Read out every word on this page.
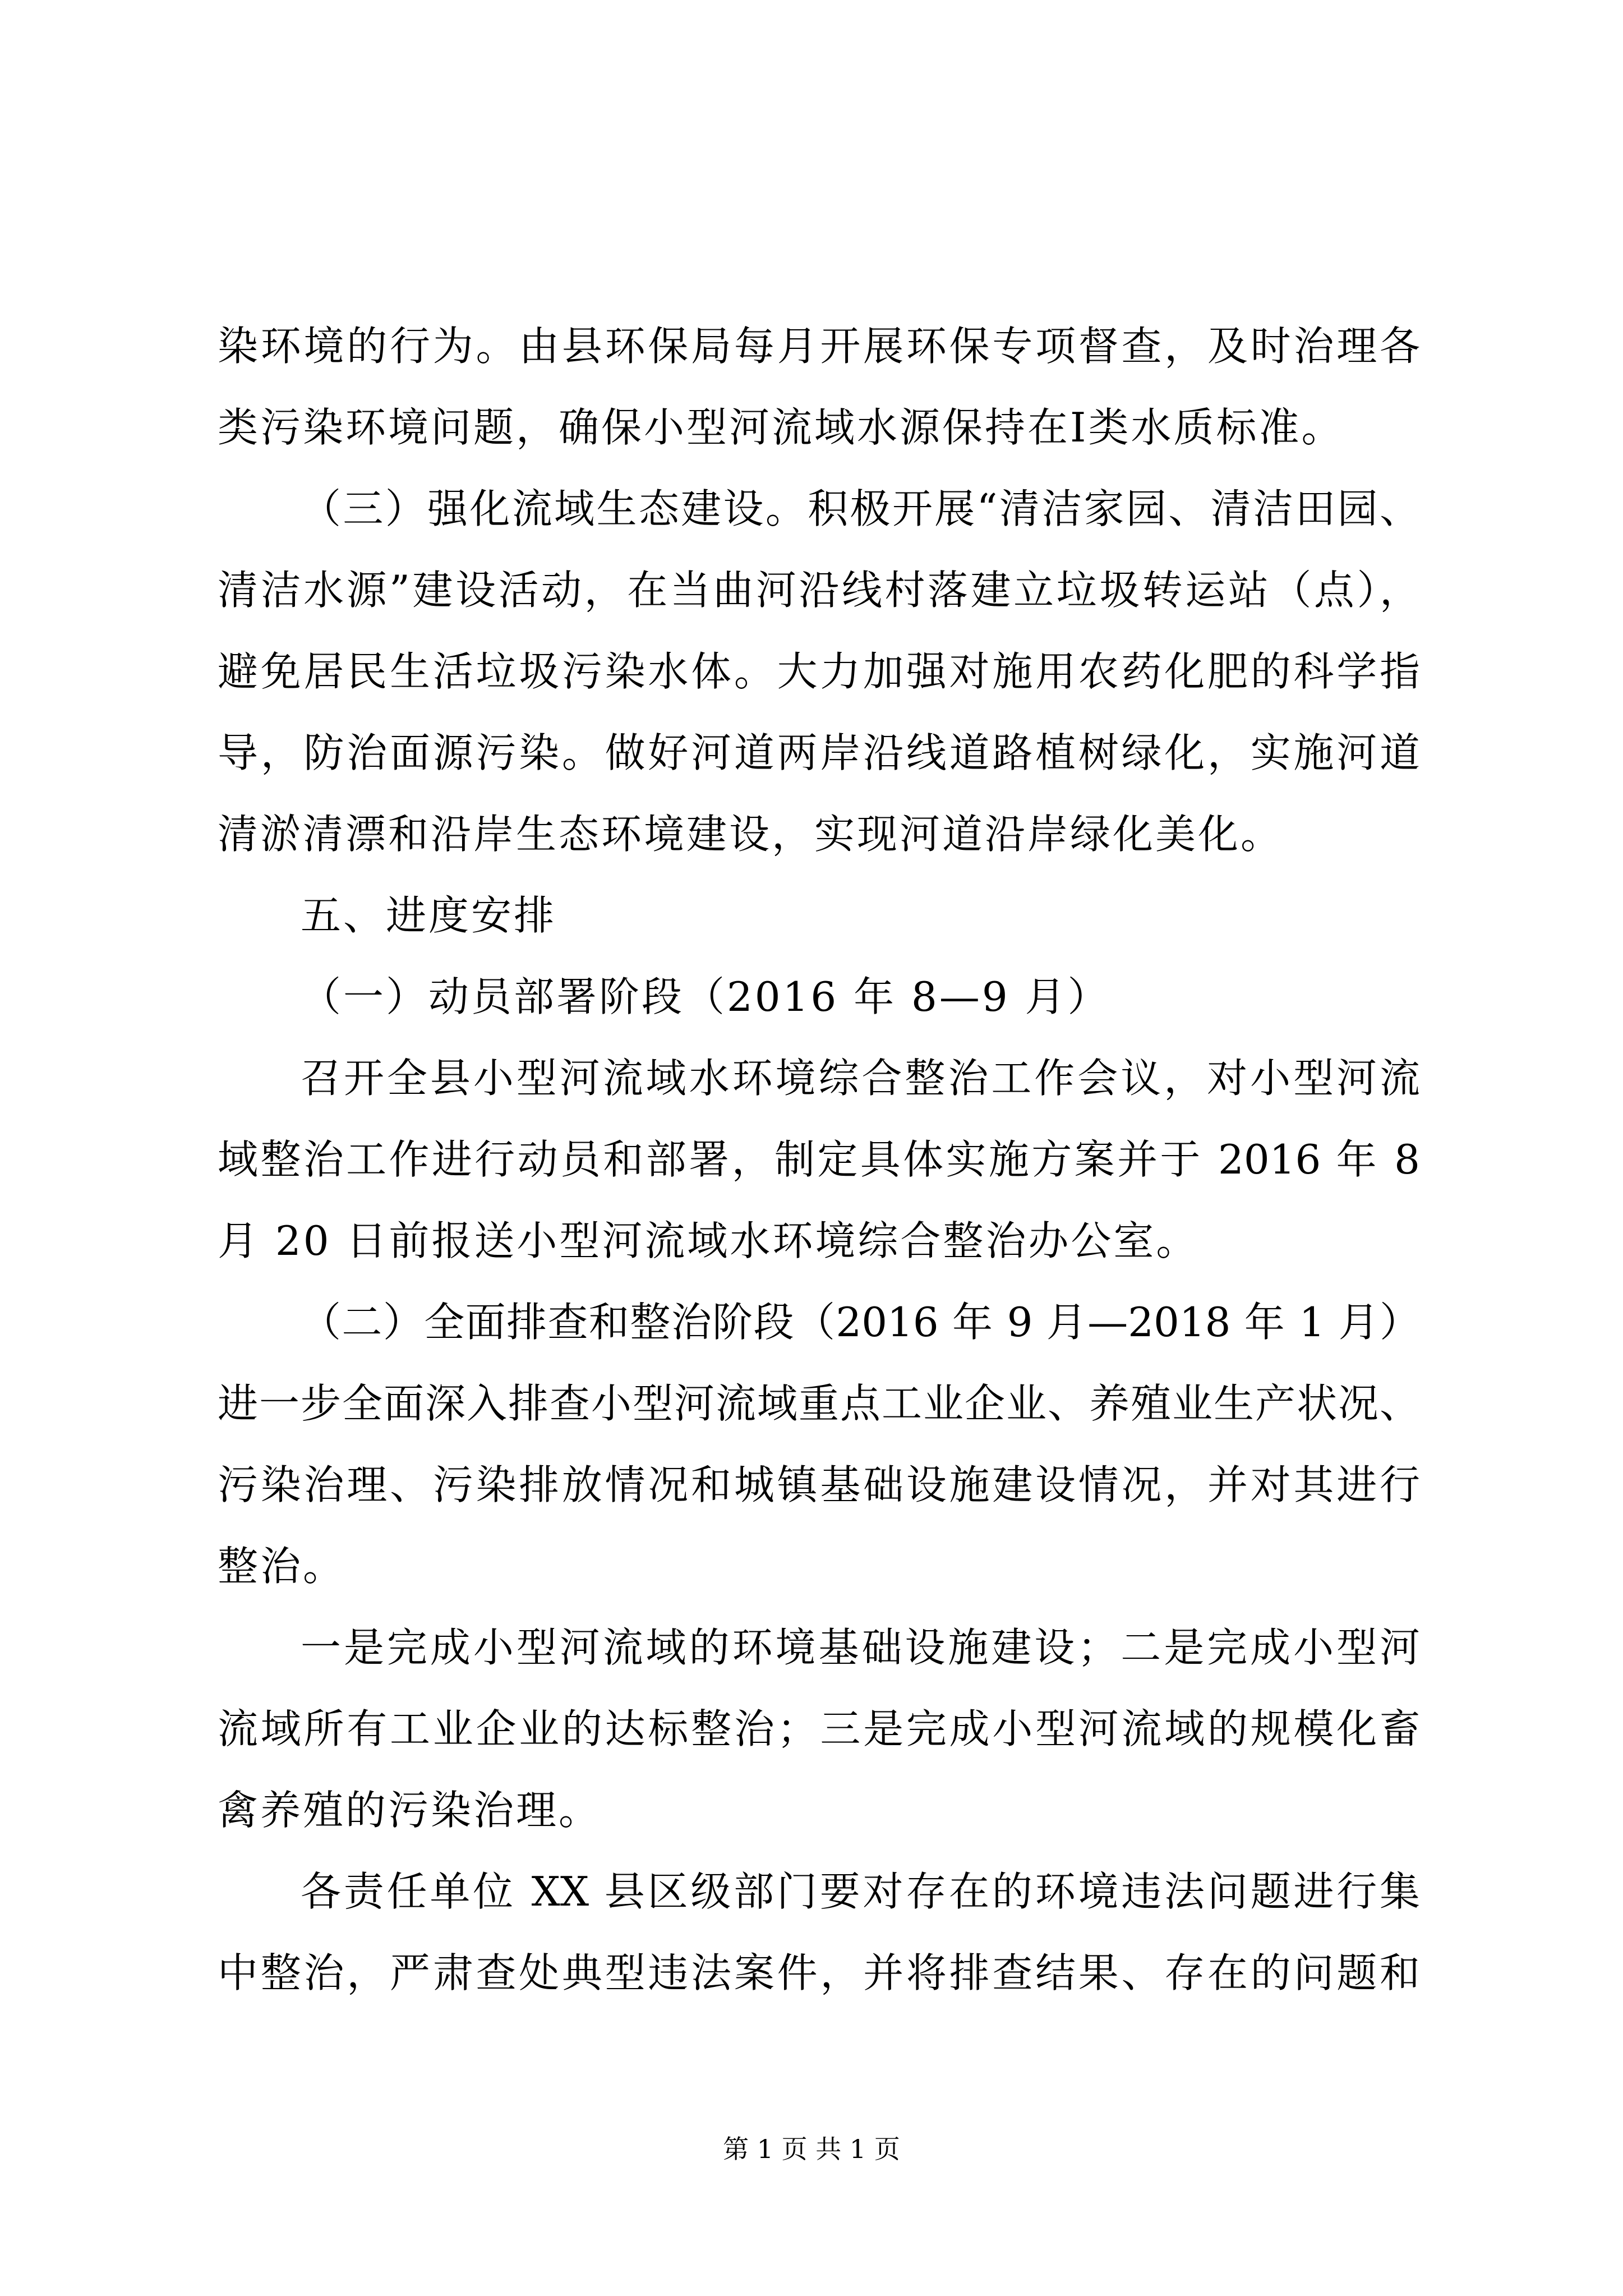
染环境的行为。由县环保局每月开展环保专项督查，及时治理各
类污染环境问题，确保小型河流域水源保持在Ⅰ类水质标准。
（三）强化流域生态建设。积极开展“清洁家园、清洁田园、
清洁水源”建设活动，在当曲河沿线村落建立垃圾转运站（点），
避免居民生活垃圾污染水体。大力加强对施用农药化肥的科学指
导，防治面源污染。做好河道两岸沿线道路植树绿化，实施河道
清淤清漂和沿岸生态环境建设，实现河道沿岸绿化美化。
五、进度安排
（一）动员部署阶段（2016 年 8—9 月）
召开全县小型河流域水环境综合整治工作会议，对小型河流
域整治工作进行动员和部署，制定具体实施方案并于 2016 年 8
月 20 日前报送小型河流域水环境综合整治办公室。
（二）全面排查和整治阶段（2016 年 9 月—2018 年 1 月）
进一步全面深入排查小型河流域重点工业企业、养殖业生产状况、
污染治理、污染排放情况和城镇基础设施建设情况，并对其进行
整治。
一是完成小型河流域的环境基础设施建设；二是完成小型河
流域所有工业企业的达标整治；三是完成小型河流域的规模化畜
禽养殖的污染治理。
各责任单位 XX 县区级部门要对存在的环境违法问题进行集
中整治，严肃查处典型违法案件，并将排查结果、存在的问题和
第 1 页 共 1 页
